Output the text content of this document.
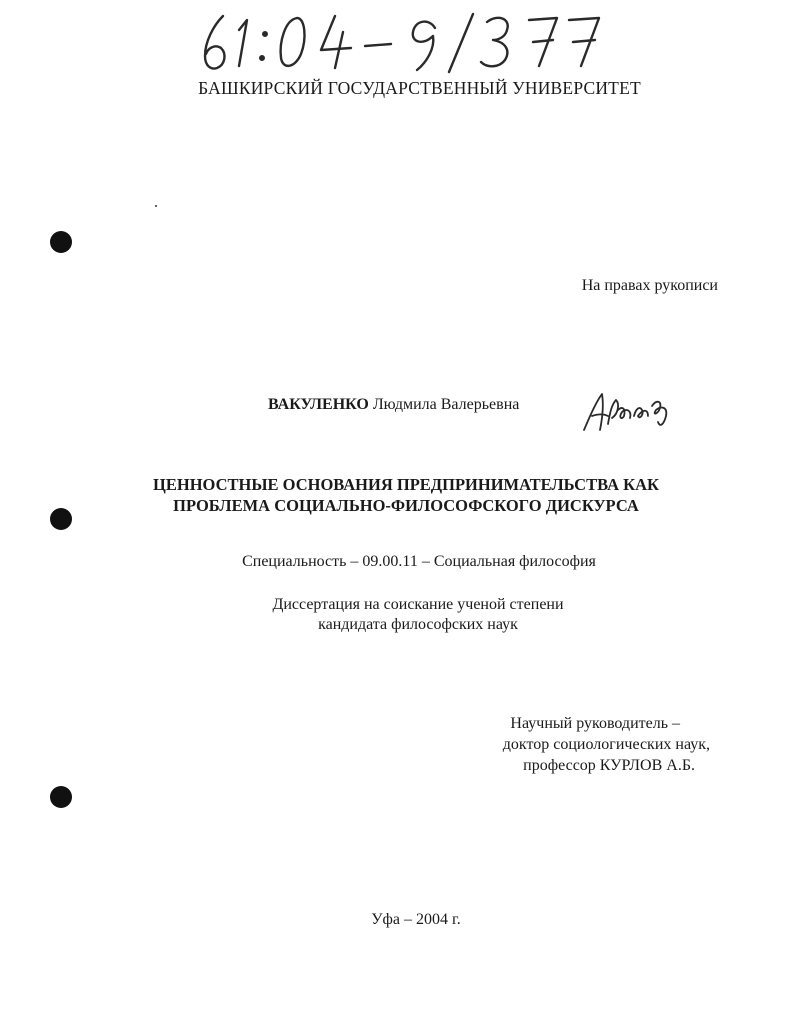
БАШКИРСКИЙ ГОСУДАРСТВЕННЫЙ УНИВЕРСИТЕТ
На правах рукописи
ВАКУЛЕНКО Людмила Валерьевна
ЦЕННОСТНЫЕ ОСНОВАНИЯ ПРЕДПРИНИМАТЕЛЬСТВА КАК
ПРОБЛЕМА СОЦИАЛЬНО-ФИЛОСОФСКОГО ДИСКУРСА
Специальность – 09.00.11 – Социальная философия
Диссертация на соискание ученой степени
кандидата философских наук
Научный руководитель –
доктор социологических наук,
профессор КУРЛОВ А.Б.
Уфа – 2004 г.
